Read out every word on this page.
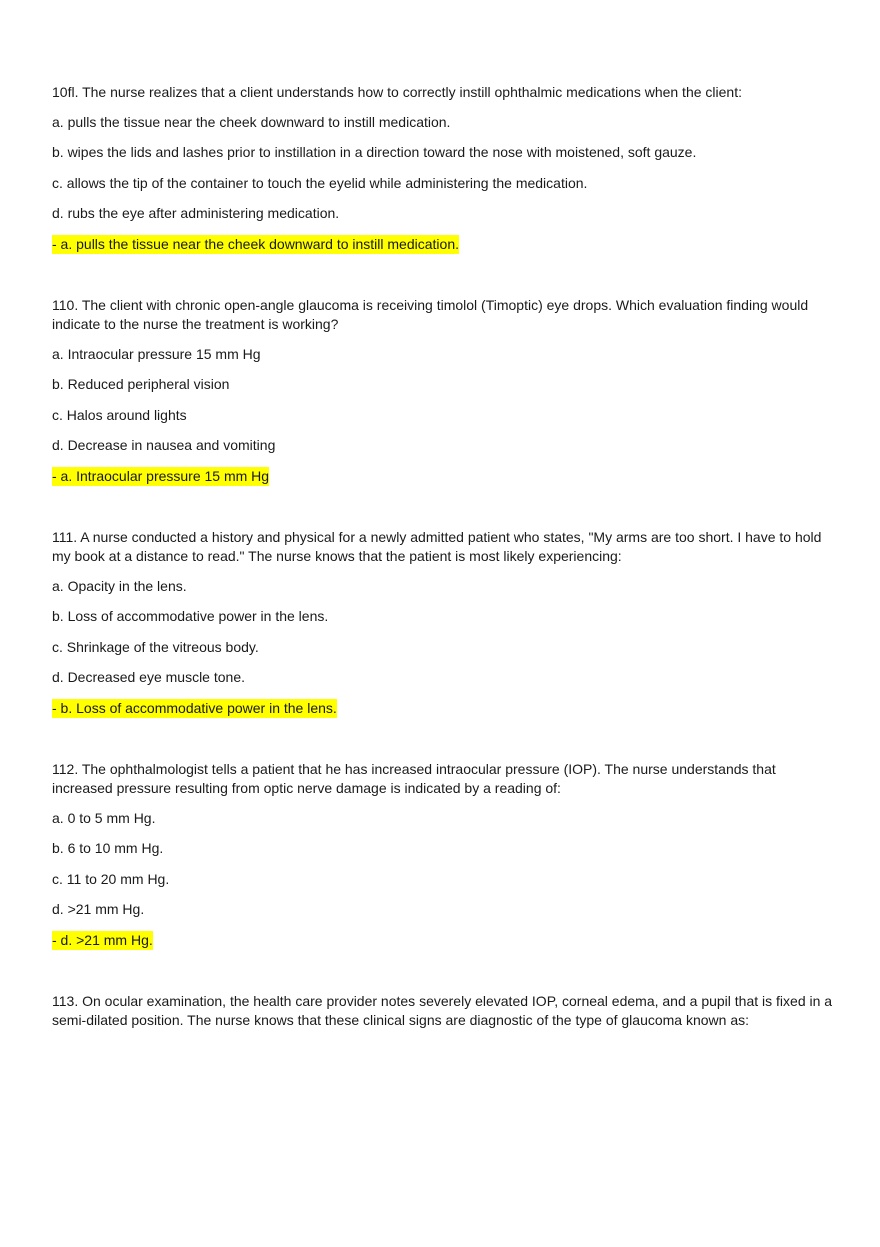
10fl. The nurse realizes that a client understands how to correctly instill ophthalmic medications when the client:

a. pulls the tissue near the cheek downward to instill medication.

b. wipes the lids and lashes prior to instillation in a direction toward the nose with moistened, soft gauze.

c. allows the tip of the container to touch the eyelid while administering the medication.

d. rubs the eye after administering medication.

- a. pulls the tissue near the cheek downward to instill medication.

110. The client with chronic open-angle glaucoma is receiving timolol (Timoptic) eye drops. Which evaluation finding would indicate to the nurse the treatment is working?

a. Intraocular pressure 15 mm Hg

b. Reduced peripheral vision

c. Halos around lights

d. Decrease in nausea and vomiting

- a. Intraocular pressure 15 mm Hg

111. A nurse conducted a history and physical for a newly admitted patient who states, "My arms are too short. I have to hold my book at a distance to read." The nurse knows that the patient is most likely experiencing:

a. Opacity in the lens.

b. Loss of accommodative power in the lens.

c. Shrinkage of the vitreous body.

d. Decreased eye muscle tone.

- b. Loss of accommodative power in the lens.

112. The ophthalmologist tells a patient that he has increased intraocular pressure (IOP). The nurse understands that increased pressure resulting from optic nerve damage is indicated by a reading of:

a. 0 to 5 mm Hg.

b. 6 to 10 mm Hg.

c. 11 to 20 mm Hg.

d. >21 mm Hg.

- d. >21 mm Hg.

113. On ocular examination, the health care provider notes severely elevated IOP, corneal edema, and a pupil that is fixed in a semi-dilated position. The nurse knows that these clinical signs are diagnostic of the type of glaucoma known as:
